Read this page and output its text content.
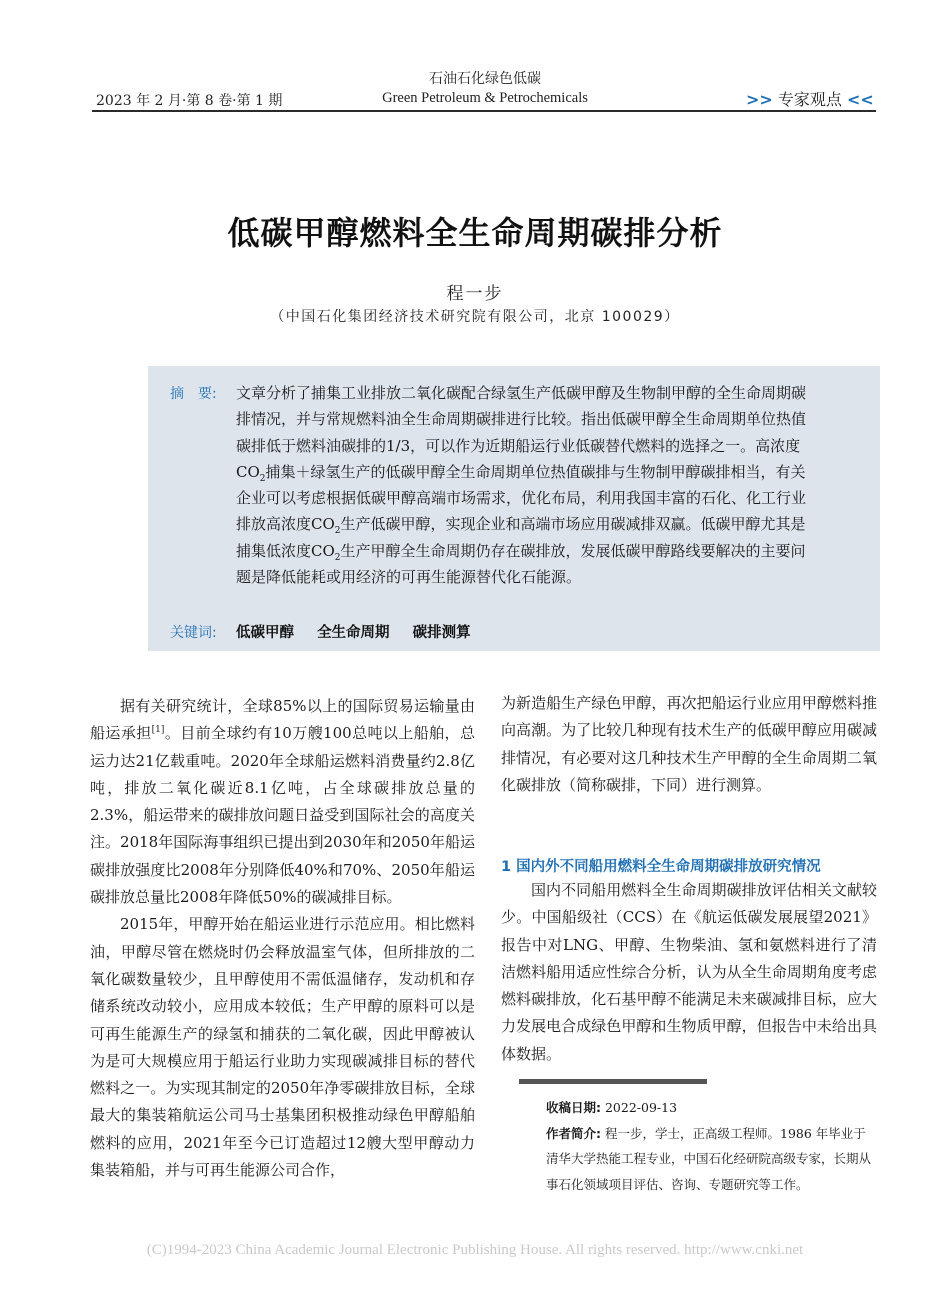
2023 年 2 月·第 8 卷·第 1 期
石油石化绿色低碳
Green Petroleum & Petrochemicals	>> 专家观点 <<
低碳甲醇燃料全生命周期碳排分析
程一步
（中国石化集团经济技术研究院有限公司，北京 100029）
摘　要: 文章分析了捕集工业排放二氧化碳配合绿氢生产低碳甲醇及生物制甲醇的全生命周期碳排情况，并与常规燃料油全生命周期碳排进行比较。指出低碳甲醇全生命周期单位热值碳排低于燃料油碳排的1/3，可以作为近期船运行业低碳替代燃料的选择之一。高浓度$CO_2$捕集＋绿氢生产的低碳甲醇全生命周期单位热值碳排与生物制甲醇碳排相当，有关企业可以考虑根据低碳甲醇高端市场需求，优化布局，利用我国丰富的石化、化工行业排放高浓度$CO_2$生产低碳甲醇，实现企业和高端市场应用碳减排双赢。低碳甲醇尤其是捕集低浓度$CO_2$生产甲醇全生命周期仍存在碳排放，发展低碳甲醇路线要解决的主要问题是降低能耗或用经济的可再生能源替代化石能源。
关键词: 低碳甲醇 全生命周期 碳排测算

据有关研究统计，全球85%以上的国际贸易运输量由船运承担[1]。目前全球约有10万艘100总吨以上船舶，总运力达21亿载重吨。2020年全球船运燃料消费量约2.8亿吨，排放二氧化碳近8.1亿吨，占全球碳排放总量的2.3%，船运带来的碳排放问题日益受到国际社会的高度关注。2018年国际海事组织已提出到2030年和2050年船运碳排放强度比2008年分别降低40%和70%、2050年船运碳排放总量比2008年降低50%的碳减排目标。

2015年，甲醇开始在船运业进行示范应用。相比燃料油，甲醇尽管在燃烧时仍会释放温室气体，但所排放的二氧化碳数量较少，且甲醇使用不需低温储存，发动机和存储系统改动较小，应用成本较低；生产甲醇的原料可以是可再生能源生产的绿氢和捕获的二氧化碳，因此甲醇被认为是可大规模应用于船运行业助力实现碳减排目标的替代燃料之一。为实现其制定的2050年净零碳排放目标，全球最大的集装箱航运公司马士基集团积极推动绿色甲醇船舶燃料的应用，2021年至今已订造超过12艘大型甲醇动力集装箱船，并与可再生能源公司合作，

为新造船生产绿色甲醇，再次把船运行业应用甲醇燃料推向高潮。为了比较几种现有技术生产的低碳甲醇应用碳减排情况，有必要对这几种技术生产甲醇的全生命周期二氧化碳排放（简称碳排，下同）进行测算。

1 国内外不同船用燃料全生命周期碳排放研究情况

国内不同船用燃料全生命周期碳排放评估相关文献较少。中国船级社（CCS）在《航运低碳发展展望2021》报告中对LNG、甲醇、生物柴油、氢和氨燃料进行了清洁燃料船用适应性综合分析，认为从全生命周期角度考虑燃料碳排放，化石基甲醇不能满足未来碳减排目标，应大力发展电合成绿色甲醇和生物质甲醇，但报告中未给出具体数据。

收稿日期: 2022-09-13

作者简介: 程一步，学士，正高级工程师。1986 年毕业于清华大学热能工程专业，中国石化经研院高级专家，长期从事石化领域项目评估、咨询、专题研究等工作。

(C)1994-2023 China Academic Journal Electronic Publishing House. All rights reserved. http://www.cnki.net
